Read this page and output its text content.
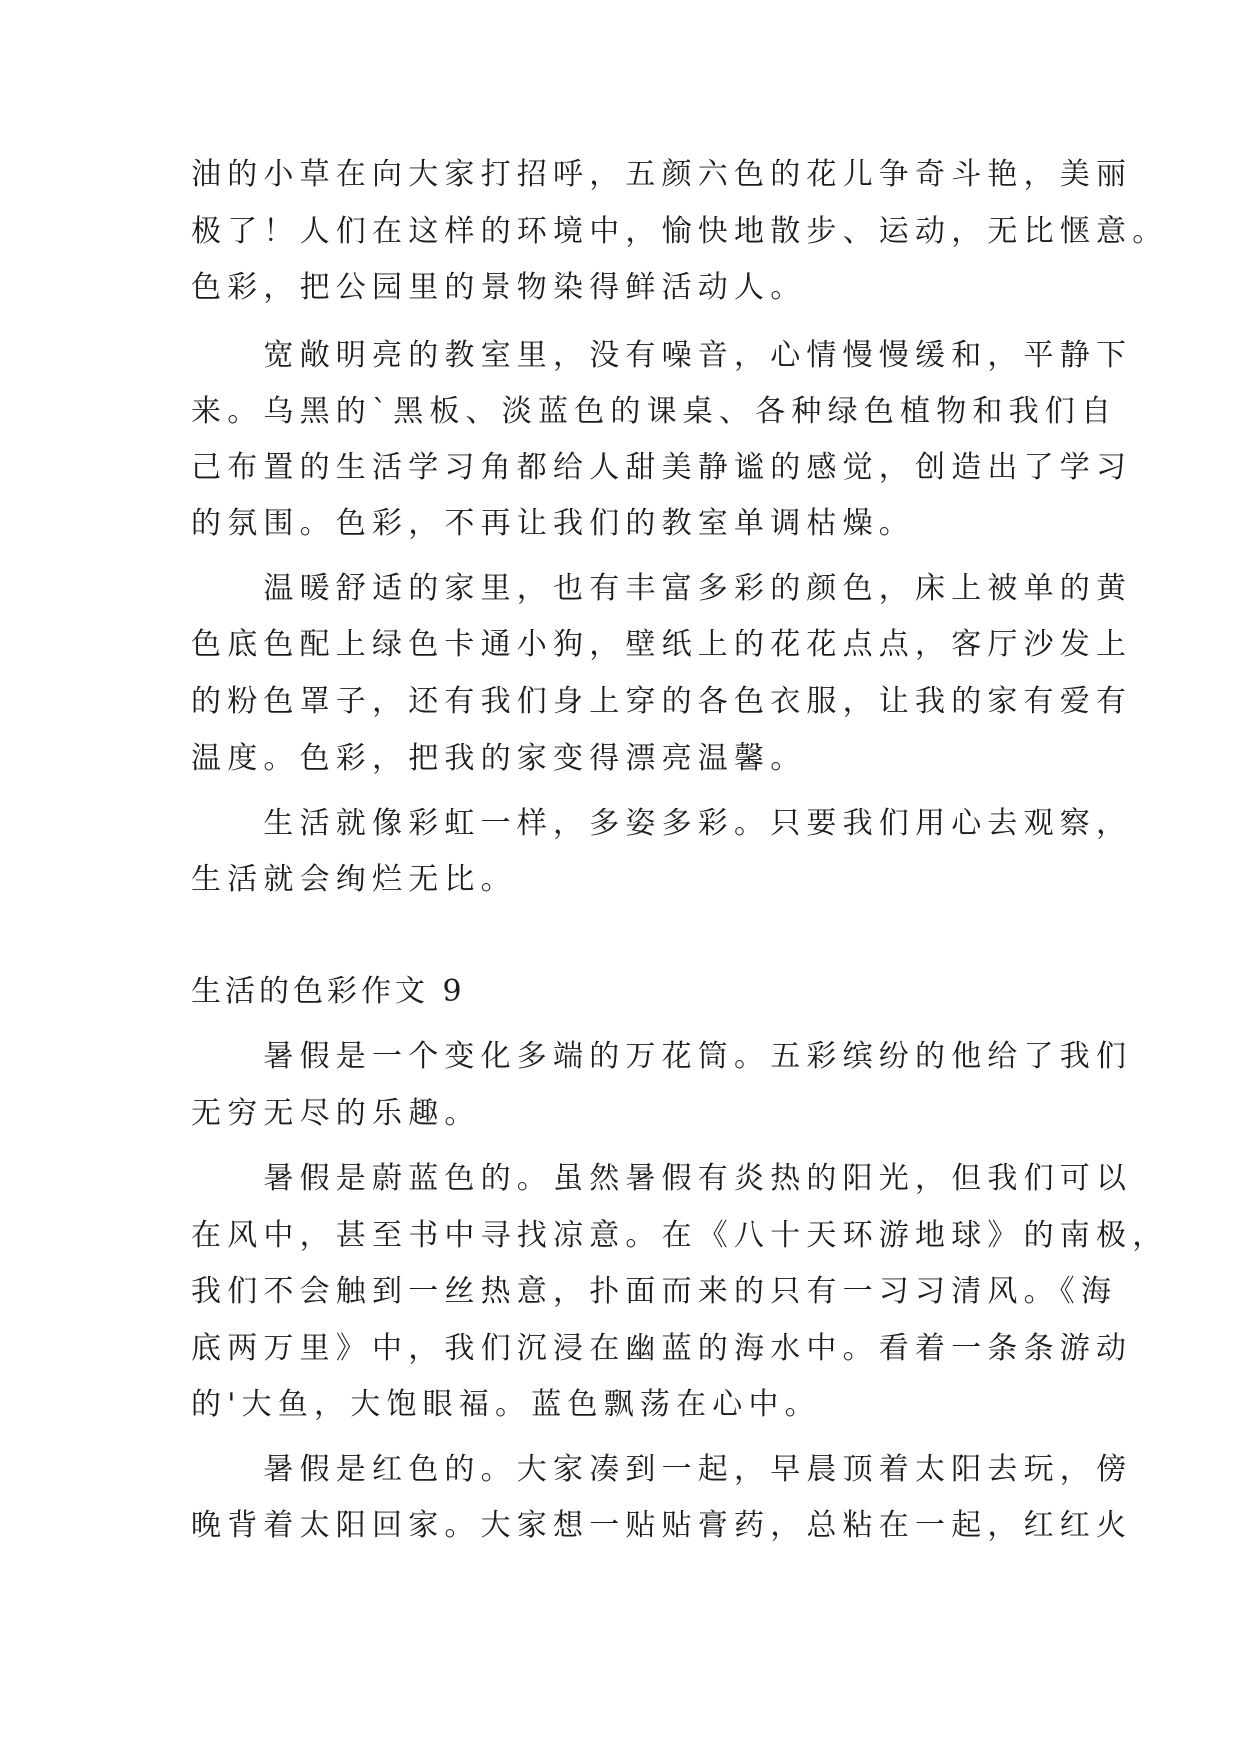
油的小草在向大家打招呼，五颜六色的花儿争奇斗艳，美丽
极了！人们在这样的环境中，愉快地散步、运动，无比惬意。
色彩，把公园里的景物染得鲜活动人。
　　宽敞明亮的教室里，没有噪音，心情慢慢缓和，平静下
来。乌黑的`黑板、淡蓝色的课桌、各种绿色植物和我们自
己布置的生活学习角都给人甜美静谧的感觉，创造出了学习
的氛围。色彩，不再让我们的教室单调枯燥。
　　温暖舒适的家里，也有丰富多彩的颜色，床上被单的黄
色底色配上绿色卡通小狗，壁纸上的花花点点，客厅沙发上
的粉色罩子，还有我们身上穿的各色衣服，让我的家有爱有
温度。色彩，把我的家变得漂亮温馨。
　　生活就像彩虹一样，多姿多彩。只要我们用心去观察，
生活就会绚烂无比。
生活的色彩作文 9
　　暑假是一个变化多端的万花筒。五彩缤纷的他给了我们
无穷无尽的乐趣。
　　暑假是蔚蓝色的。虽然暑假有炎热的阳光，但我们可以
在风中，甚至书中寻找凉意。在《八十天环游地球》的南极，
我们不会触到一丝热意，扑面而来的只有一习习清风。《海
底两万里》中，我们沉浸在幽蓝的海水中。看着一条条游动
的'大鱼，大饱眼福。蓝色飘荡在心中。
　　暑假是红色的。大家凑到一起，早晨顶着太阳去玩，傍
晚背着太阳回家。大家想一贴贴膏药，总粘在一起，红红火
